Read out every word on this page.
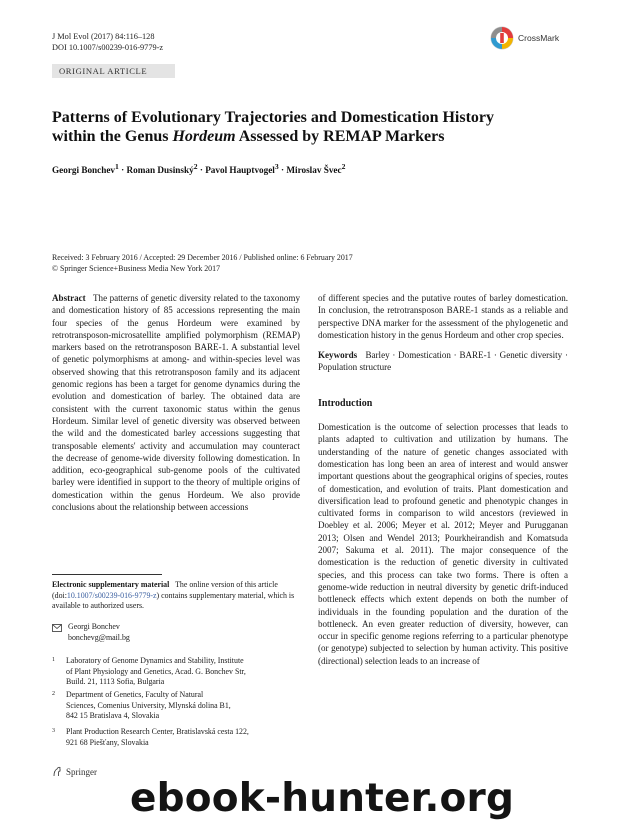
J Mol Evol (2017) 84:116–128
DOI 10.1007/s00239-016-9779-z
CrossMark
ORIGINAL ARTICLE
Patterns of Evolutionary Trajectories and Domestication History
within the Genus Hordeum Assessed by REMAP Markers
Georgi Bonchev$^1$ · Roman Dusinský$^2$ · Pavol Hauptvogel$^3$ · Miroslav Švec$^2$
Received: 3 February 2016 / Accepted: 29 December 2016 / Published online: 6 February 2017
© Springer Science+Business Media New York 2017

Abstract The patterns of genetic diversity related to the taxonomy and domestication history of 85 accessions representing the main four species of the genus Hordeum were examined by retrotransposon-microsatellite amplified polymorphism (REMAP) markers based on the retrotransposon BARE-1. A substantial level of genetic polymorphisms at among- and within-species level was observed showing that this retrotransposon family and its adjacent genomic regions has been a target for genome dynamics during the evolution and domestication of barley. The obtained data are consistent with the current taxonomic status within the genus Hordeum. Similar level of genetic diversity was observed between the wild and the domesticated barley accessions suggesting that transposable elements' activity and accumulation may counteract the decrease of genome-wide diversity following domestication. In addition, eco-geographical sub-genome pools of the cultivated barley were identified in support to the theory of multiple origins of domestication within the genus Hordeum. We also provide conclusions about the relationship between accessions

Electronic supplementary material The online version of this article (doi:10.1007/s00239-016-9779-z) contains supplementary material, which is available to authorized users.
Georgi Bonchev
bonchevg@mail.bg
1	Laboratory of Genome Dynamics and Stability, Institute
of Plant Physiology and Genetics, Acad. G. Bonchev Str,
Build. 21, 1113 Sofia, Bulgaria
2	Department of Genetics, Faculty of Natural
Sciences, Comenius University, Mlynská dolina B1,
842 15 Bratislava 4, Slovakia
3	Plant Production Research Center, Bratislavská cesta 122,
921 68 Piešťany, Slovakia

of different species and the putative routes of barley domestication. In conclusion, the retrotransposon BARE-1 stands as a reliable and perspective DNA marker for the assessment of the phylogenetic and domestication history in the genus Hordeum and other crop species.

Keywords Barley · Domestication · BARE-1 · Genetic diversity · Population structure

Introduction

Domestication is the outcome of selection processes that leads to plants adapted to cultivation and utilization by humans. The understanding of the nature of genetic changes associated with domestication has long been an area of interest and would answer important questions about the geographical origins of species, routes of domestication, and evolution of traits. Plant domestication and diversification lead to profound genetic and phenotypic changes in cultivated forms in comparison to wild ancestors (reviewed in Doebley et al. 2006; Meyer et al. 2012; Meyer and Purugganan 2013; Olsen and Wendel 2013; Pourkheirandish and Komatsuda 2007; Sakuma et al. 2011). The major consequence of the domestication is the reduction of genetic diversity in cultivated species, and this process can take two forms. There is often a genome-wide reduction in neutral diversity by genetic drift-induced bottleneck effects which extent depends on both the number of individuals in the founding population and the duration of the bottleneck. An even greater reduction of diversity, however, can occur in specific genome regions referring to a particular phenotype (or genotype) subjected to selection by human activity. This positive (directional) selection leads to an increase of

Springer
ebook-hunter.org
